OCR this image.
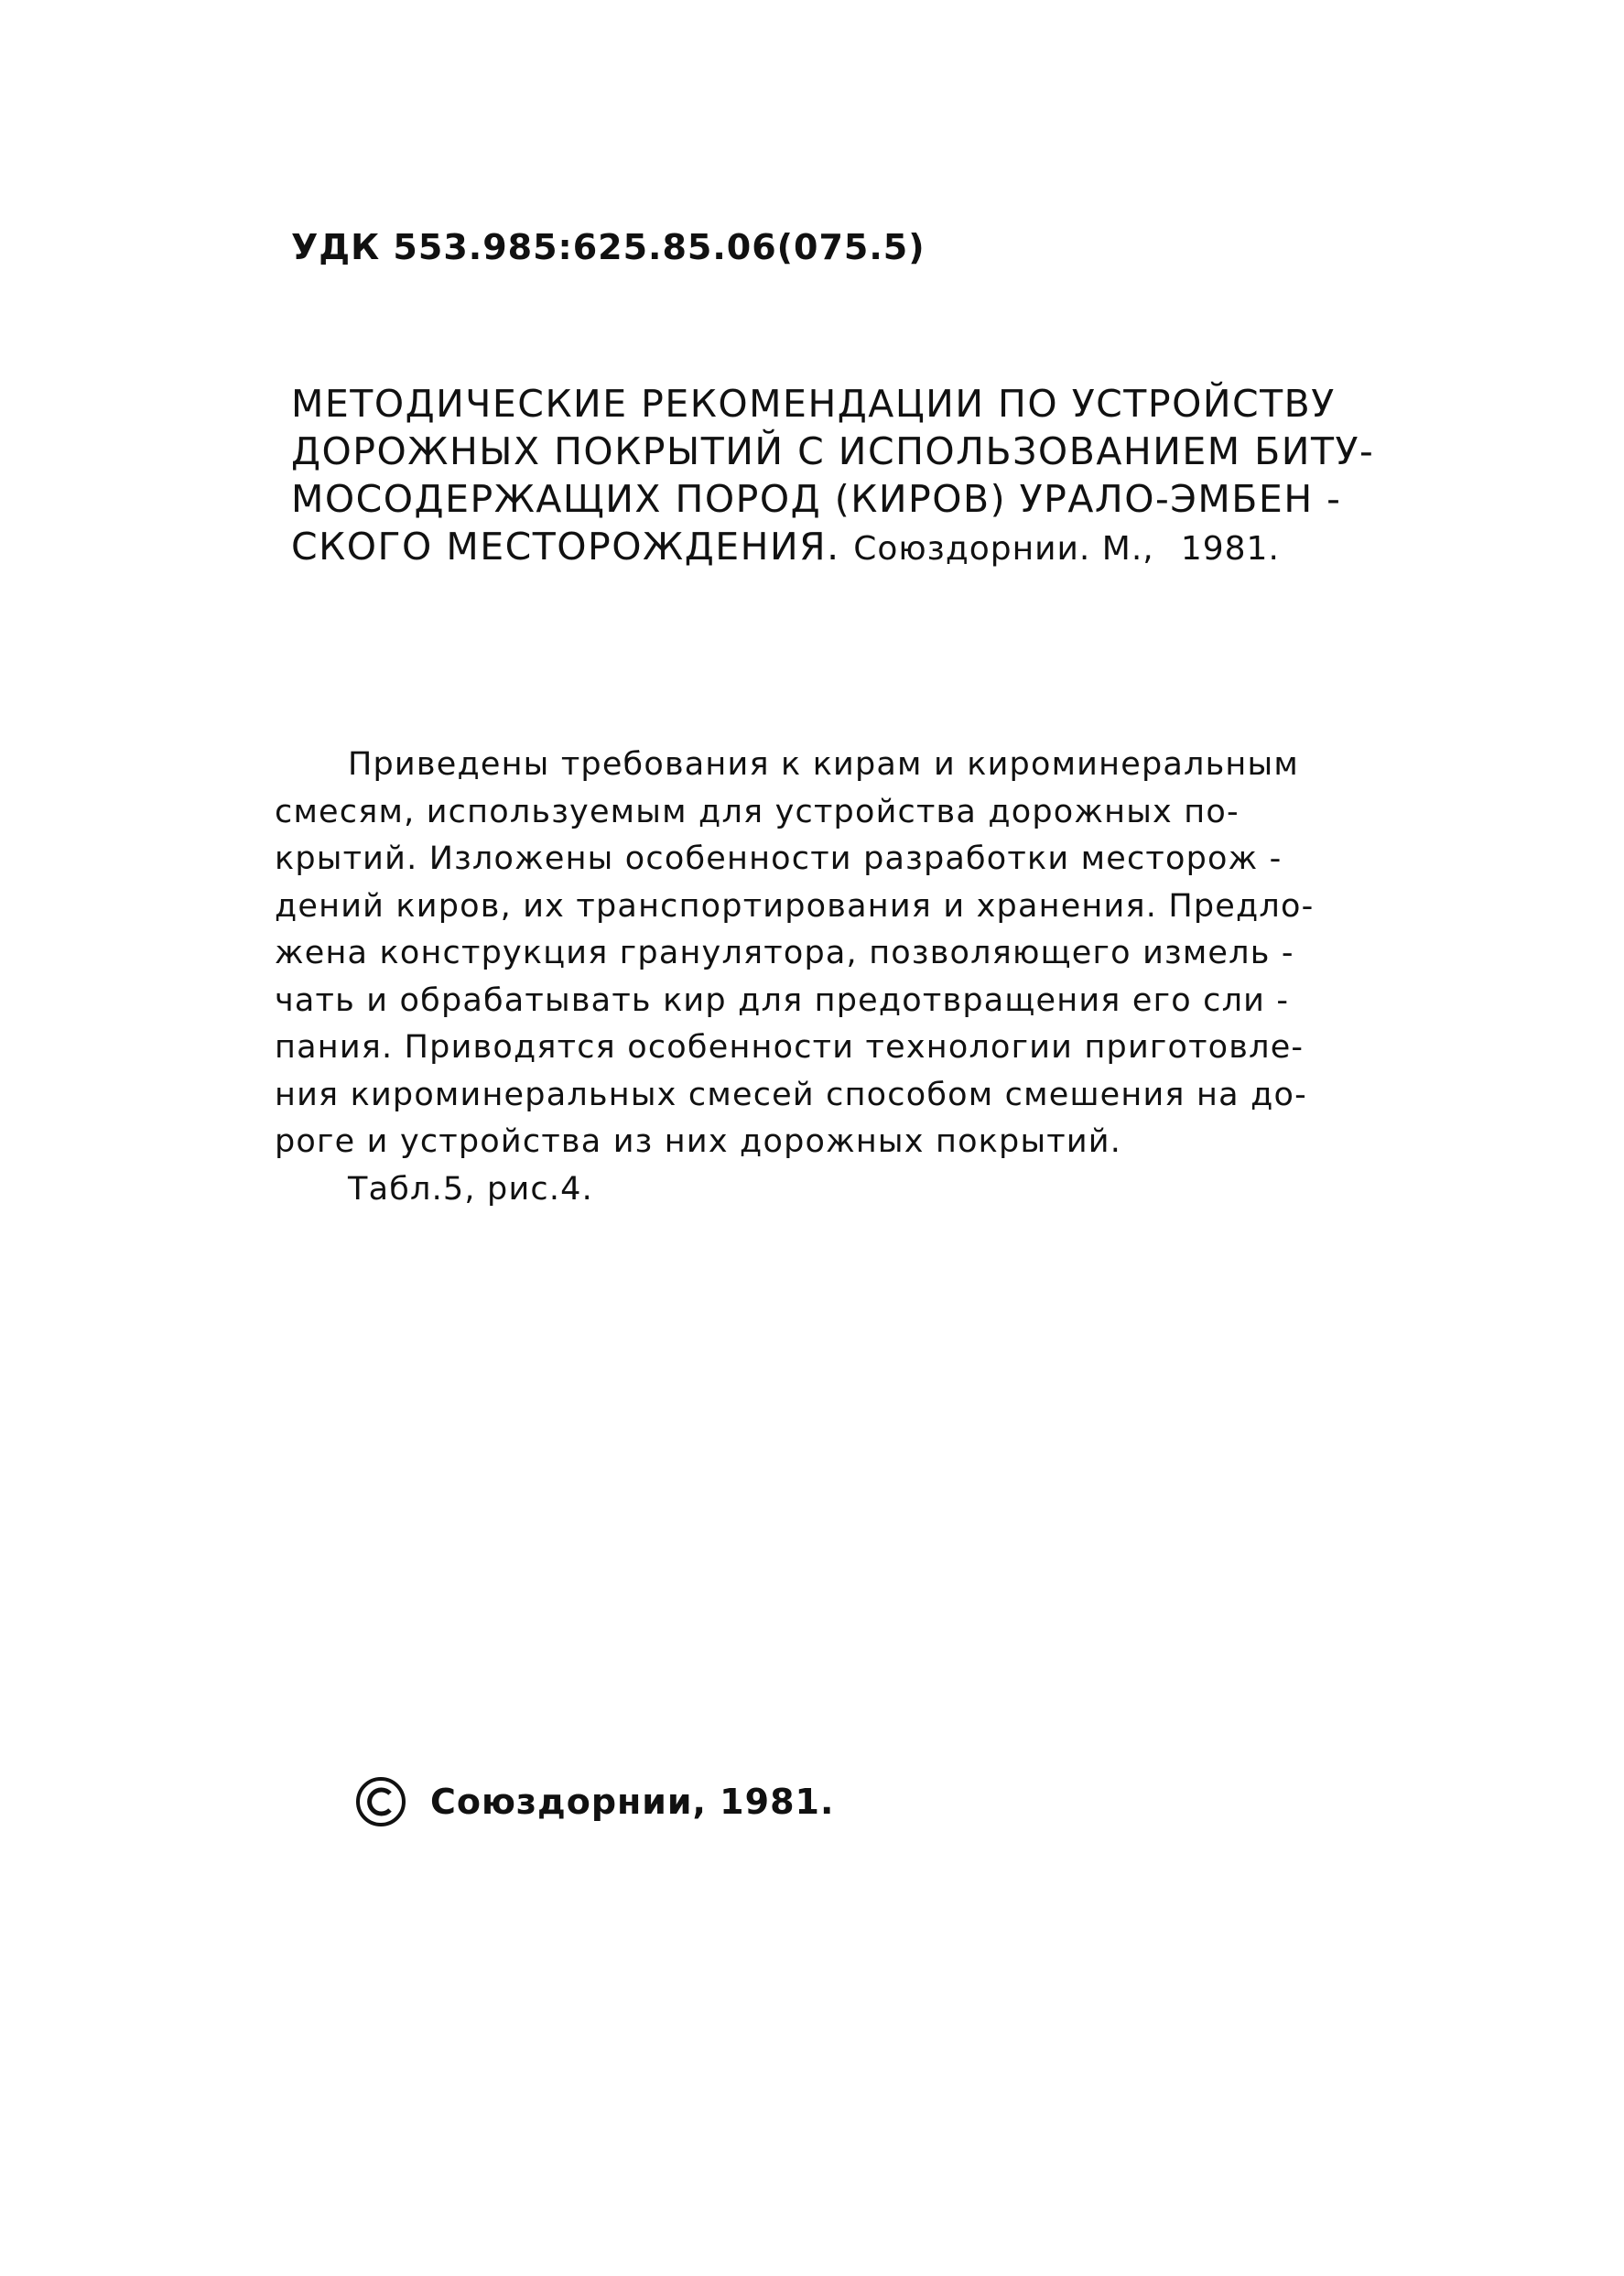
УДК 553.985:625.85.06(075.5)
МЕТОДИЧЕСКИЕ РЕКОМЕНДАЦИИ ПО УСТРОЙСТВУ
ДОРОЖНЫХ ПОКРЫТИЙ С ИСПОЛЬЗОВАНИЕМ БИТУ-
МОСОДЕРЖАЩИХ ПОРОД (КИРОВ) УРАЛО-ЭМБЕН -
СКОГО МЕСТОРОЖДЕНИЯ. Союздорнии. М., 1981.
Приведены требования к кирам и кироминеральным
смесям, используемым для устройства дорожных по-
крытий. Изложены особенности разработки месторож -
дений киров, их транспортирования и хранения. Предло-
жена конструкция гранулятора, позволяющего измель -
чать и обрабатывать кир для предотвращения его сли -
пания. Приводятся особенности технологии приготовле-
ния кироминеральных смесей способом смешения на до-
роге и устройства из них дорожных покрытий.
Табл.5, рис.4.
Союздорнии, 1981.
